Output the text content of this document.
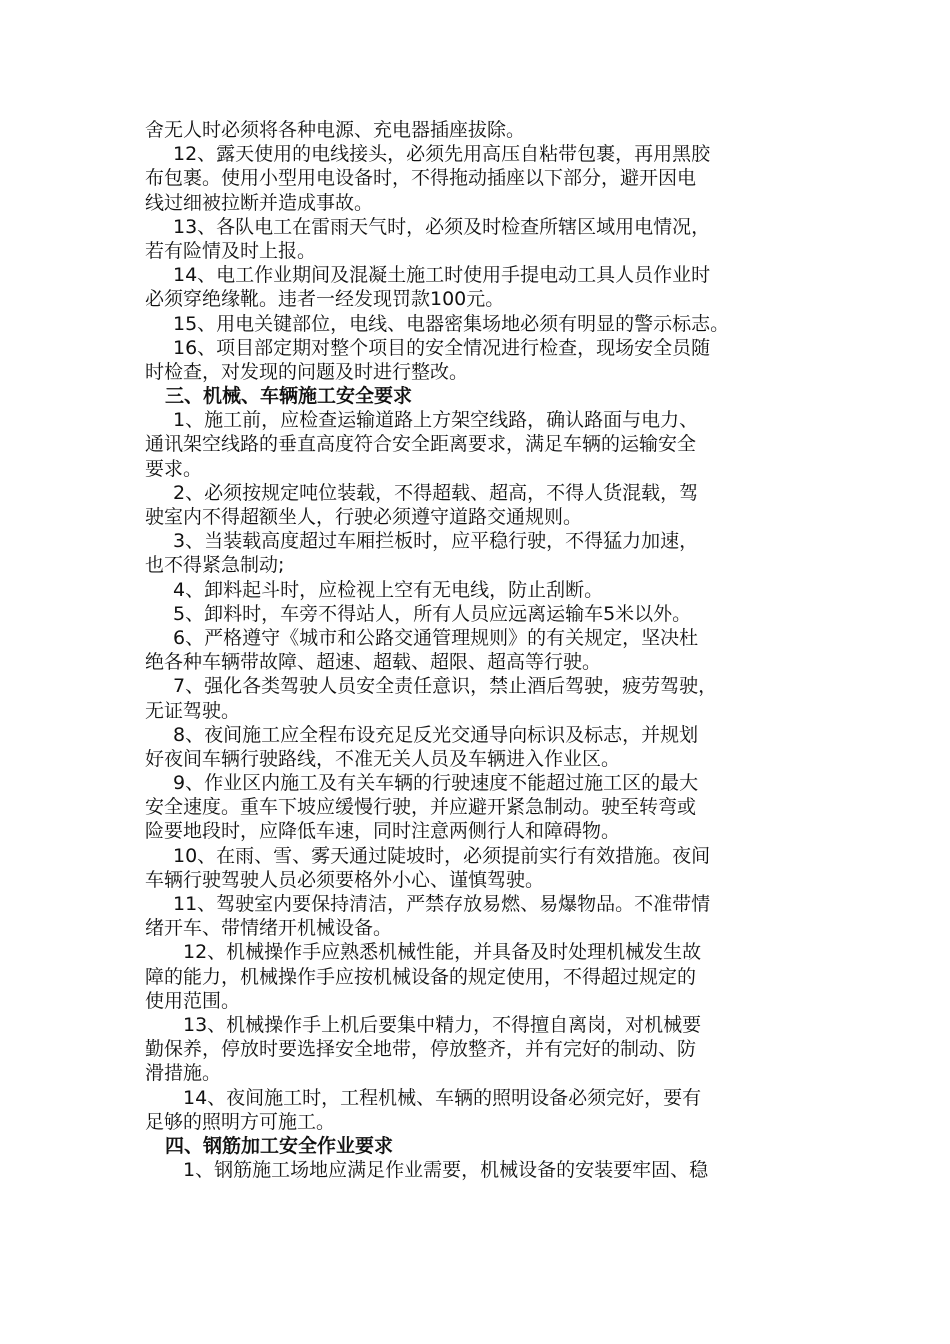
舍无人时必须将各种电源、充电器插座拔除。
12、露天使用的电线接头，必须先用高压自粘带包裹，再用黑胶
布包裹。使用小型用电设备时，不得拖动插座以下部分，避开因电
线过细被拉断并造成事故。
13、各队电工在雷雨天气时，必须及时检查所辖区域用电情况，
若有险情及时上报。
14、电工作业期间及混凝土施工时使用手提电动工具人员作业时
必须穿绝缘靴。违者一经发现罚款100元。
15、用电关键部位，电线、电器密集场地必须有明显的警示标志。
16、项目部定期对整个项目的安全情况进行检查，现场安全员随
时检查，对发现的问题及时进行整改。
三、机械、车辆施工安全要求
1、施工前，应检查运输道路上方架空线路，确认路面与电力、
通讯架空线路的垂直高度符合安全距离要求，满足车辆的运输安全
要求。
2、必须按规定吨位装载，不得超载、超高，不得人货混载，驾
驶室内不得超额坐人，行驶必须遵守道路交通规则。
3、当装载高度超过车厢拦板时，应平稳行驶，不得猛力加速，
也不得紧急制动;
4、卸料起斗时，应检视上空有无电线，防止刮断。
5、卸料时，车旁不得站人，所有人员应远离运输车5米以外。
6、严格遵守《城市和公路交通管理规则》的有关规定，坚决杜
绝各种车辆带故障、超速、超载、超限、超高等行驶。
7、强化各类驾驶人员安全责任意识，禁止酒后驾驶，疲劳驾驶，
无证驾驶。
8、夜间施工应全程布设充足反光交通导向标识及标志，并规划
好夜间车辆行驶路线，不准无关人员及车辆进入作业区。
9、作业区内施工及有关车辆的行驶速度不能超过施工区的最大
安全速度。重车下坡应缓慢行驶，并应避开紧急制动。驶至转弯或
险要地段时，应降低车速，同时注意两侧行人和障碍物。
10、在雨、雪、雾天通过陡坡时，必须提前实行有效措施。夜间
车辆行驶驾驶人员必须要格外小心、谨慎驾驶。
11、驾驶室内要保持清洁，严禁存放易燃、易爆物品。不准带情
绪开车、带情绪开机械设备。
12、机械操作手应熟悉机械性能，并具备及时处理机械发生故
障的能力，机械操作手应按机械设备的规定使用，不得超过规定的
使用范围。
13、机械操作手上机后要集中精力，不得擅自离岗，对机械要
勤保养，停放时要选择安全地带，停放整齐，并有完好的制动、防
滑措施。
14、夜间施工时，工程机械、车辆的照明设备必须完好，要有
足够的照明方可施工。
四、钢筋加工安全作业要求
1、钢筋施工场地应满足作业需要，机械设备的安装要牢固、稳
